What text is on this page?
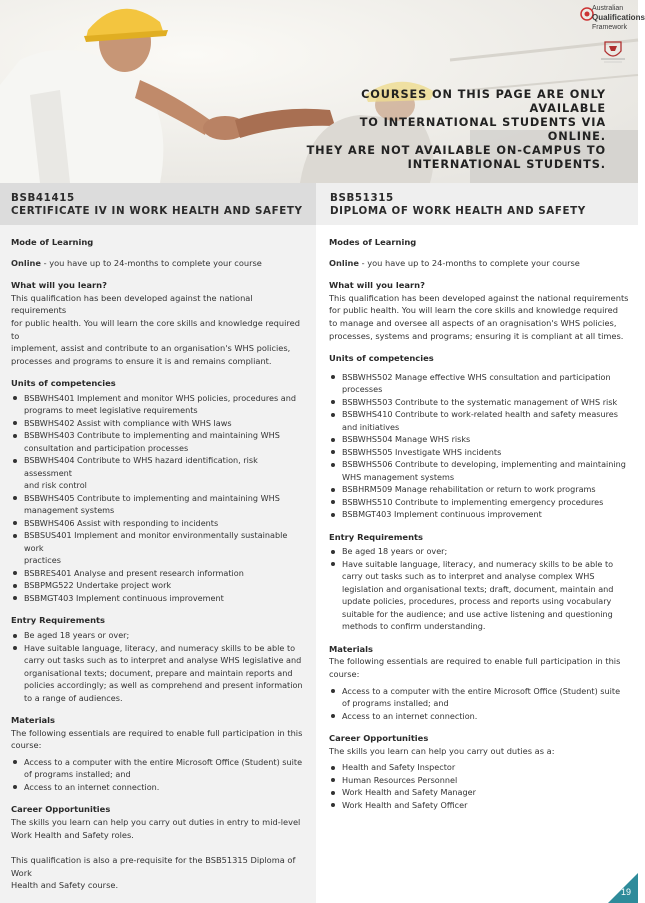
COURSES ON THIS PAGE ARE ONLY AVAILABLE
TO INTERNATIONAL STUDENTS VIA ONLINE.
THEY ARE NOT AVAILABLE ON-CAMPUS TO
INTERNATIONAL STUDENTS.
Australian
Qualifications
Framework
BSB41415
CERTIFICATE IV IN WORK HEALTH AND SAFETY
Mode of Learning
Online - you have up to 24-months to complete your course
What will you learn?
This qualification has been developed against the national requirements
for public health. You will learn the core skills and knowledge required to
implement, assist and contribute to an organisation's WHS policies,
processes and programs to ensure it is and remains compliant.
Units of competencies
BSBWHS401 Implement and monitor WHS policies, procedures and
programs to meet legislative requirements
BSBWHS402 Assist with compliance with WHS laws
BSBWHS403 Contribute to implementing and maintaining WHS
consultation and participation processes
BSBWHS404 Contribute to WHS hazard identification, risk assessment
and risk control
BSBWHS405 Contribute to implementing and maintaining WHS
management systems
BSBWHS406 Assist with responding to incidents
BSBSUS401 Implement and monitor environmentally sustainable work
practices
BSBRES401 Analyse and present research information
BSBPMG522 Undertake project work
BSBMGT403 Implement continuous improvement
Entry Requirements
Be aged 18 years or over;
Have suitable language, literacy, and numeracy skills to be able to
carry out tasks such as to interpret and analyse WHS legislative and
organisational texts; document, prepare and maintain reports and
policies accordingly; as well as comprehend and present information
to a range of audiences.
Materials
The following essentials are required to enable full participation in this
course:
Access to a computer with the entire Microsoft Office (Student) suite
of programs installed; and
Access to an internet connection.
Career Opportunities
The skills you learn can help you carry out duties in entry to mid-level
Work Health and Safety roles.
This qualification is also a pre-requisite for the BSB51315 Diploma of Work
Health and Safety course.
BSB51315
DIPLOMA OF WORK HEALTH AND SAFETY
Modes of Learning
Online - you have up to 24-months to complete your course
What will you learn?
This qualification has been developed against the national requirements
for public health. You will learn the core skills and knowledge required
to manage and oversee all aspects of an oragnisation's WHS policies,
processes, systems and programs; ensuring it is compliant at all times.
Units of competencies
BSBWHS502 Manage effective WHS consultation and participation
processes
BSBWHS503 Contribute to the systematic management of WHS risk
BSBWHS410 Contribute to work-related health and safety measures
and initiatives
BSBWHS504 Manage WHS risks
BSBWHS505 Investigate WHS incidents
BSBWHS506 Contribute to developing, implementing and maintaining
WHS management systems
BSBHRM509 Manage rehabilitation or return to work programs
BSBWHS510 Contribute to implementing emergency procedures
BSBMGT403 Implement continuous improvement
Entry Requirements
Be aged 18 years or over;
Have suitable language, literacy, and numeracy skills to be able to
carry out tasks such as to interpret and analyse complex WHS
legislation and organisational texts; draft, document, maintain and
update policies, procedures, process and reports using vocabulary
suitable for the audience; and use active listening and questioning
methods to confirm understanding.
Materials
The following essentials are required to enable full participation in this
course:
Access to a computer with the entire Microsoft Office (Student) suite
of programs installed; and
Access to an internet connection.
Career Opportunities
The skills you learn can help you carry out duties as a:
Health and Safety Inspector
Human Resources Personnel
Work Health and Safety Manager
Work Health and Safety Officer
19
